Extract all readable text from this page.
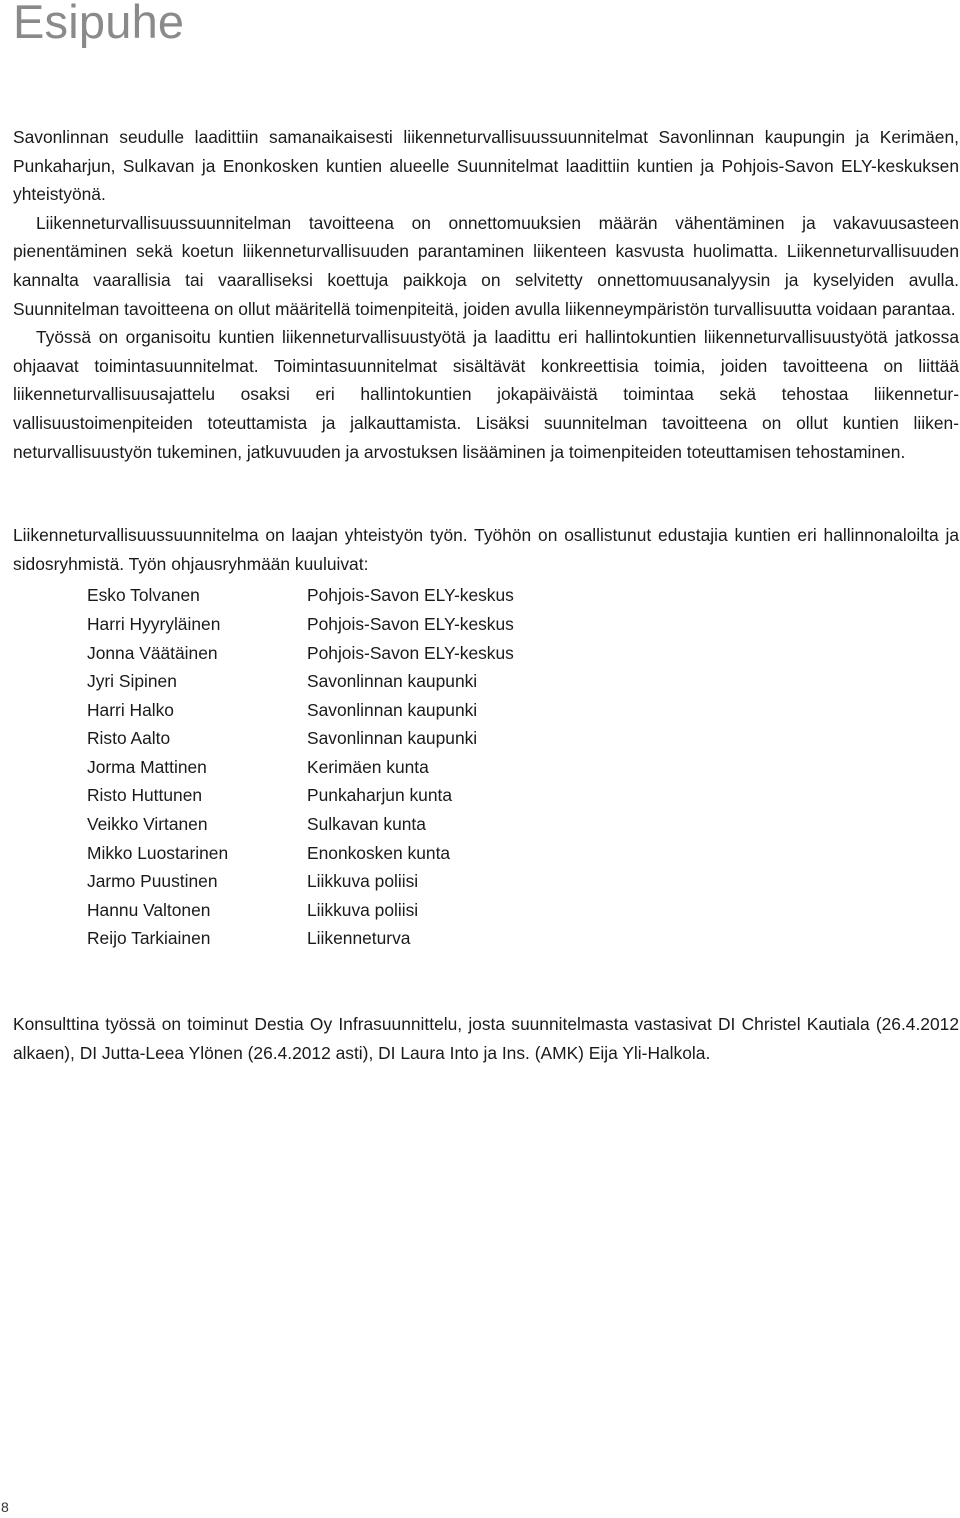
Esipuhe

Savonlinnan seudulle laadittiin samanaikaisesti liikenneturvallisuussuunnitelmat Savonlinnan kaupungin ja Kerimäen, Punkaharjun, Sulkavan ja Enonkosken kuntien alueelle Suunnitelmat laadittiin kuntien ja Pohjois-Savon ELY-keskuksen yhteistyönä.

Liikenneturvallisuussuunnitelman tavoitteena on onnettomuuksien määrän vähentäminen ja vakavuusasteen pienentäminen sekä koetun liikenneturvallisuuden parantaminen liikenteen kasvusta huolimatta. Liikenneturvallisuuden kannalta vaarallisia tai vaaralliseksi koettuja paikkoja on selvitetty onnettomuusanalyysin ja kyselyiden avulla. Suunnitelman tavoitteena on ollut määritellä toimenpiteitä, joiden avulla liikenneympäristön turvallisuutta voidaan parantaa.

Työssä on organisoitu kuntien liikenneturvallisuustyötä ja laadittu eri hallintokuntien liikenneturvallisuustyötä jatkossa ohjaavat toimintasuunnitelmat. Toimintasuunnitelmat sisältävät konkreettisia toimia, joiden tavoitteena on liittää liikenneturvallisuusajattelu osaksi eri hallintokuntien jokapäiväistä toimintaa sekä tehostaa liikenneturvallisuustoimenpiteiden toteuttamista ja jalkauttamista. Lisäksi suunnitelman tavoitteena on ollut kuntien liikenneturvallisuustyön tukeminen, jatkuvuuden ja arvostuksen lisääminen ja toimenpiteiden toteuttamisen tehostaminen.

Liikenneturvallisuussuunnitelma on laajan yhteistyön työn. Työhön on osallistunut edustajia kuntien eri hallinnonaloilta ja sidosryhmistä. Työn ohjausryhmään kuuluivat:

Esko Tolvanen	Pohjois-Savon ELY-keskus
Harri Hyyryläinen	Pohjois-Savon ELY-keskus
Jonna Väätäinen	Pohjois-Savon ELY-keskus
Jyri Sipinen	Savonlinnan kaupunki
Harri Halko	Savonlinnan kaupunki
Risto Aalto	Savonlinnan kaupunki
Jorma Mattinen	Kerimäen kunta
Risto Huttunen	Punkaharjun kunta
Veikko Virtanen	Sulkavan kunta
Mikko Luostarinen	Enonkosken kunta
Jarmo Puustinen	Liikkuva poliisi
Hannu Valtonen	Liikkuva poliisi
Reijo Tarkiainen	Liikenneturva

Konsulttina työssä on toiminut Destia Oy Infrasuunnittelu, josta suunnitelmasta vastasivat DI Christel Kautiala (26.4.2012 alkaen), DI Jutta-Leea Ylönen (26.4.2012 asti), DI Laura Into ja Ins. (AMK) Eija Yli-Halkola.

8
